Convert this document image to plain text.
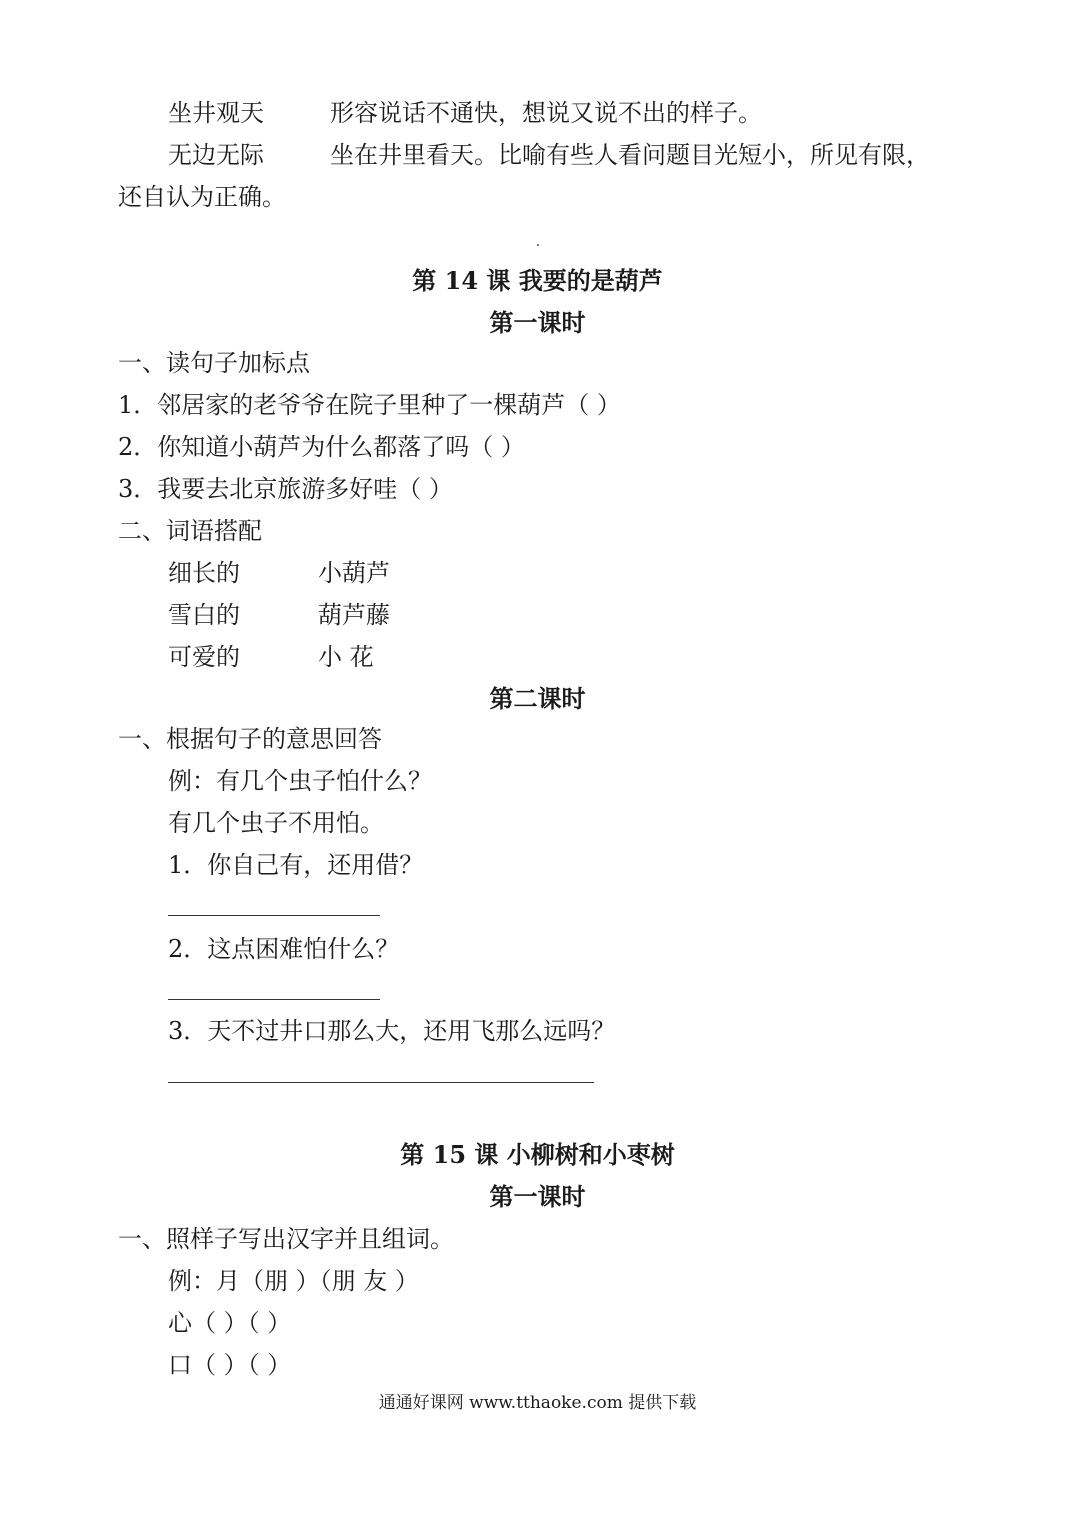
坐井观天	形容说话不通快，想说又说不出的样子。
无边无际	坐在井里看天。比喻有些人看问题目光短小，所见有限，
还自认为正确。
第 14 课 我要的是葫芦
第一课时
一、读句子加标点
1．邻居家的老爷爷在院子里种了一棵葫芦（ ）
2．你知道小葫芦为什么都落了吗（ ）
3．我要去北京旅游多好哇（ ）
二、词语搭配
细长的	小葫芦
雪白的	葫芦藤
可爱的	小 花
第二课时
一、根据句子的意思回答
例：有几个虫子怕什么？
有几个虫子不用怕。
1．你自己有，还用借？
2．这点困难怕什么？
3．天不过井口那么大，还用飞那么远吗？
第 15 课 小柳树和小枣树
第一课时
一、照样子写出汉字并且组词。
例：月（朋 ）（朋 友 ）
心（ ）（ ）
口（ ）（ ）
通通好课网 www.tthaoke.com 提供下载
